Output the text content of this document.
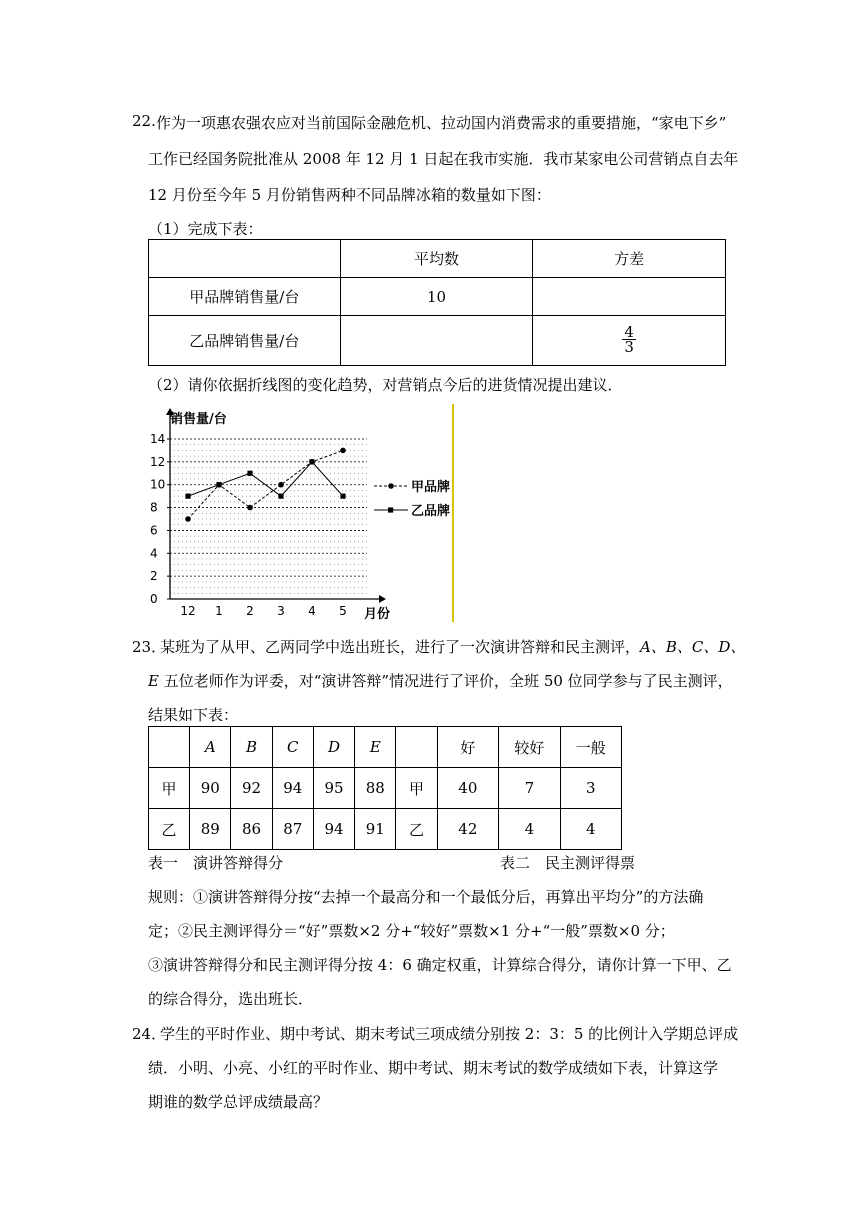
22. 作为一项惠农强农应对当前国际金融危机、拉动国内消费需求的重要措施，“家电下乡”
工作已经国务院批准从 2008 年 12 月 1 日起在我市实施．我市某家电公司营销点自去年
12 月份至今年 5 月份销售两种不同品牌冰箱的数量如下图：
（1）完成下表：
	平均数	方差
甲品牌销售量/台	10	
乙品牌销售量/台		$\frac{4}{3}$
（2）请你依据折线图的变化趋势，对营销点今后的进货情况提出建议．
0
2
4
6
8
10
12
14
12 1 2 3 4 5
甲品牌
乙品牌
销售量/台
月份
23．
某班为了从甲、乙两同学中选出班长，进行了一次演讲答辩和民主测评，A、B、C、D、
E 五位老师作为评委，对“演讲答辩”情况进行了评价，全班 50 位同学参与了民主测评，
结果如下表：
	A	B	C	D	E		好	较好	一般
甲	90	92	94	95	88	甲	40	7	3
乙	89	86	87	94	91	乙	42	4	4
表一　演讲答辩得分	表二　民主测评得票
规则：①演讲答辩得分按“去掉一个最高分和一个最低分后，再算出平均分”的方法确
定；②民主测评得分＝“好”票数×2 分+“较好”票数×1 分+“一般”票数×0 分；
③演讲答辩得分和民主测评得分按 4：6 确定权重，计算综合得分，请你计算一下甲、乙
的综合得分，选出班长．
24．
学生的平时作业、期中考试、期末考试三项成绩分别按 2：3：5 的比例计入学期总评成
绩．小明、小亮、小红的平时作业、期中考试、期末考试的数学成绩如下表，计算这学
期谁的数学总评成绩最高？
